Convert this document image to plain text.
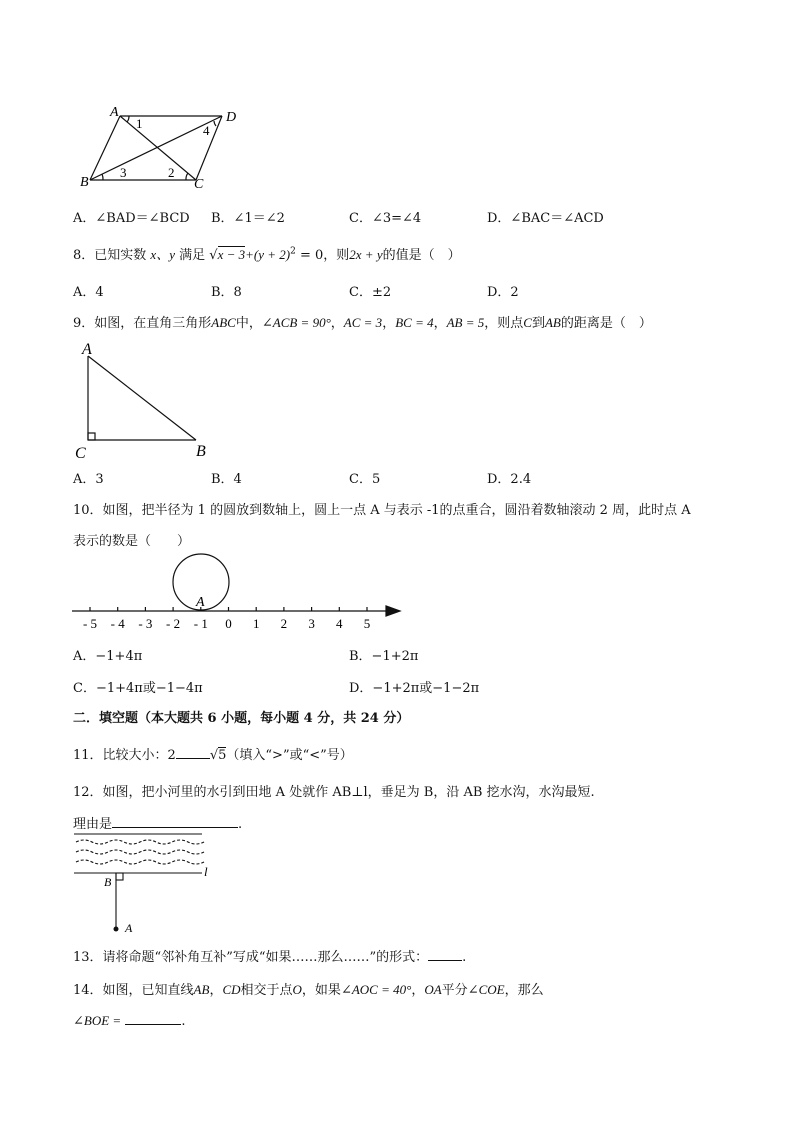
A	D
B	C
1
2
3
4
A．∠BAD＝∠BCD B．∠1＝∠2	C．∠3=∠4	D．∠BAC＝∠ACD
8．已知实数 x、y 满足 $√x - 3+(y + 2)^2 = 0$，则2x + y的值是（　）
A．4	B．8	C．±2	D．2
9．如图，在直角三角形ABC中，∠ACB = 90°，AC = 3，BC = 4，AB = 5，则点C到AB的距离是（　）
A
C	B
A．3	B．4	C．5	D．2.4
10．如图，把半径为 1 的圆放到数轴上，圆上一点 A 与表示 -1的点重合，圆沿着数轴滚动 2 周，此时点 A
表示的数是（　　）
A
- 5 - 4 - 3 - 2 - 1 0 1 2 3 4 5
A．−1+4π	B．−1+2π
C．−1+4π或−1−4π	D．−1+2π或−1−2π
二．填空题（本大题共 6 小题，每小题 4 分，共 24 分）
11．比较大小：2	√5（填入“>”或“<”号）
12．如图，把小河里的水引到田地 A 处就作 AB⊥l，垂足为 B，沿 AB 挖水沟，水沟最短.
理由是	.
B
l
A
13．请将命题“邻补角互补”写成“如果……那么……”的形式：	.
14．如图，已知直线AB，CD相交于点O，如果∠AOC = 40°，OA平分∠COE，那么
∠BOE =	.
